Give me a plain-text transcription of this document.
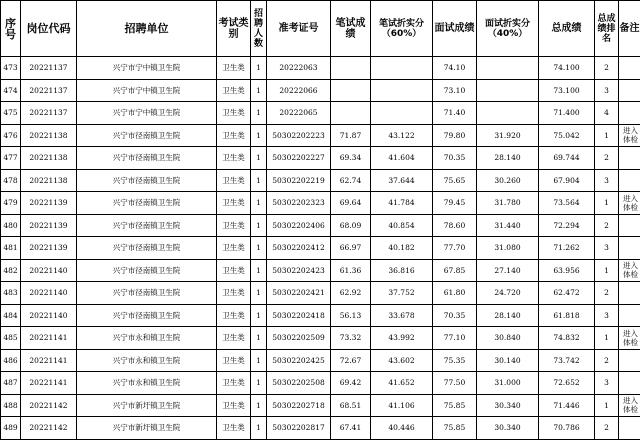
序号	岗位代码	招聘单位	考试类别	招聘人数	准考证号	笔试成绩	笔试折实分（60%）	面试成绩	面试折实分（40%）	总成绩	总成绩排名	备注
473	20221137	兴宁市宁中镇卫生院	卫生类	1	20222063			74.10		74.100	2	
474	20221137	兴宁市宁中镇卫生院	卫生类	1	20222066			73.10		73.100	3	
475	20221137	兴宁市宁中镇卫生院	卫生类	1	20222065			71.40		71.400	4	
476	20221138	兴宁市径南镇卫生院	卫生类	1	50302202223	71.87	43.122	79.80	31.920	75.042	1	进入体检
477	20221138	兴宁市径南镇卫生院	卫生类	1	50302202227	69.34	41.604	70.35	28.140	69.744	2	
478	20221138	兴宁市径南镇卫生院	卫生类	1	50302202219	62.74	37.644	75.65	30.260	67.904	3	
479	20221139	兴宁市径南镇卫生院	卫生类	1	50302202323	69.64	41.784	79.45	31.780	73.564	1	进入体检
480	20221139	兴宁市径南镇卫生院	卫生类	1	50302202406	68.09	40.854	78.60	31.440	72.294	2	
481	20221139	兴宁市径南镇卫生院	卫生类	1	50302202412	66.97	40.182	77.70	31.080	71.262	3	
482	20221140	兴宁市径南镇卫生院	卫生类	1	50302202423	61.36	36.816	67.85	27.140	63.956	1	进入体检
483	20221140	兴宁市径南镇卫生院	卫生类	1	50302202421	62.92	37.752	61.80	24.720	62.472	2	
484	20221140	兴宁市径南镇卫生院	卫生类	1	50302202418	56.13	33.678	70.35	28.140	61.818	3	
485	20221141	兴宁市永和镇卫生院	卫生类	1	50302202509	73.32	43.992	77.10	30.840	74.832	1	进入体检
486	20221141	兴宁市永和镇卫生院	卫生类	1	50302202425	72.67	43.602	75.35	30.140	73.742	2	
487	20221141	兴宁市永和镇卫生院	卫生类	1	50302202508	69.42	41.652	77.50	31.000	72.652	3	
488	20221142	兴宁市新圩镇卫生院	卫生类	1	50302202718	68.51	41.106	75.85	30.340	71.446	1	进入体检
489	20221142	兴宁市新圩镇卫生院	卫生类	1	50302202817	67.41	40.446	75.85	30.340	70.786	2	
